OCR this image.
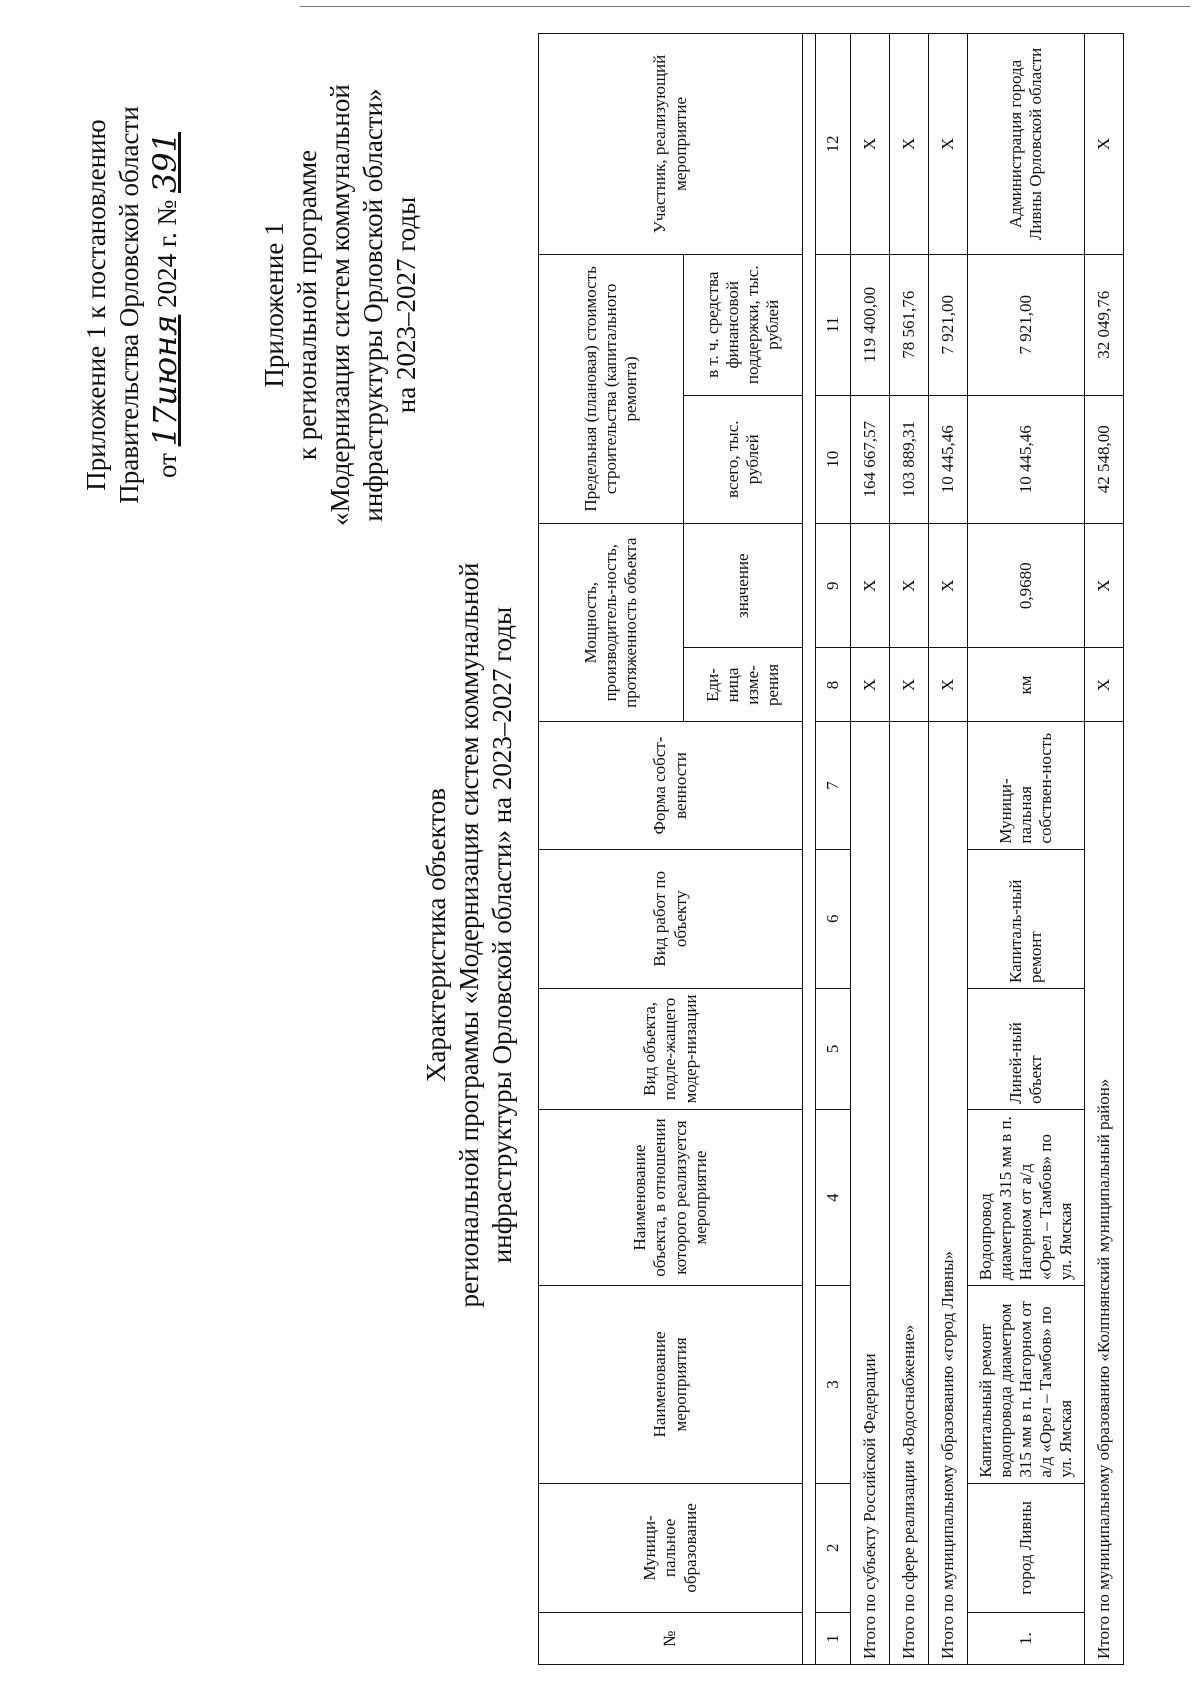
Приложение 1 к постановлению Правительства Орловской области от 17июня 2024 г. № 391
Приложение 1 к региональной программе «Модернизация систем коммунальной инфраструктуры Орловской области» на 2023–2027 годы
Характеристика объектов региональной программы «Модернизация систем коммунальной инфраструктуры Орловской области» на 2023–2027 годы
№	Муници-пальное образование	Наименование мероприятия	Наименование объекта, в отношении которого реализуется мероприятие	Вид объекта, подле-жащего модер-низации	Вид работ по объекту	Форма собст-венности	Мощность, производитель-ность, протяженность объекта		Предельная (плановая) стоимость строительства (капитального ремонта)		Участник, реализующий мероприятие
							Еди-ница изме-рения	значение	всего, тыс. рублей	в т. ч. средства финансовой поддержки, тыс. рублей	

1	2	3	4	5	6	7	8	9	10	11	12
Итого по субъекту Российской Федерации							Х	Х	164 667,57	119 400,00	Х
Итого по сфере реализации «Водоснабжение»							Х	Х	103 889,31	78 561,76	Х
Итого по муниципальному образованию «город Ливны»							Х	Х	10 445,46	7 921,00	Х
1.	город Ливны	Капитальный ремонт водопровода диаметром 315 мм в п. Нагорном от а/д «Орел – Тамбов» по ул. Ямская	Водопровод диаметром 315 мм в п. Нагорном от а/д «Орел – Тамбов» по ул. Ямская	Линей-ный объект	Капиталь-ный ремонт	Муници-пальная собствен-ность	км	0,9680	10 445,46	7 921,00	Администрация города Ливны Орловской области
Итого по муниципальному образованию «Колпнянский муниципальный район»							Х	Х	42 548,00	32 049,76	Х
